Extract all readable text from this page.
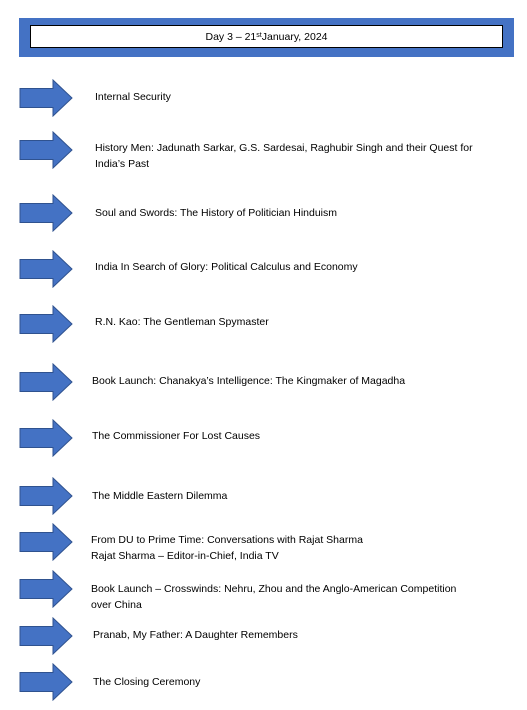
Day 3 – 21st January, 2024
Internal Security
History Men: Jadunath Sarkar, G.S. Sardesai, Raghubir Singh and their Quest for
India’s Past
Soul and Swords: The History of Politician Hinduism
India In Search of Glory: Political Calculus and Economy
R.N. Kao: The Gentleman Spymaster
Book Launch: Chanakya’s Intelligence: The Kingmaker of Magadha
The Commissioner For Lost Causes
The Middle Eastern Dilemma
From DU to Prime Time: Conversations with Rajat Sharma
Rajat Sharma – Editor-in-Chief, India TV
Book Launch – Crosswinds: Nehru, Zhou and the Anglo-American Competition
over China
Pranab, My Father: A Daughter Remembers
The Closing Ceremony
